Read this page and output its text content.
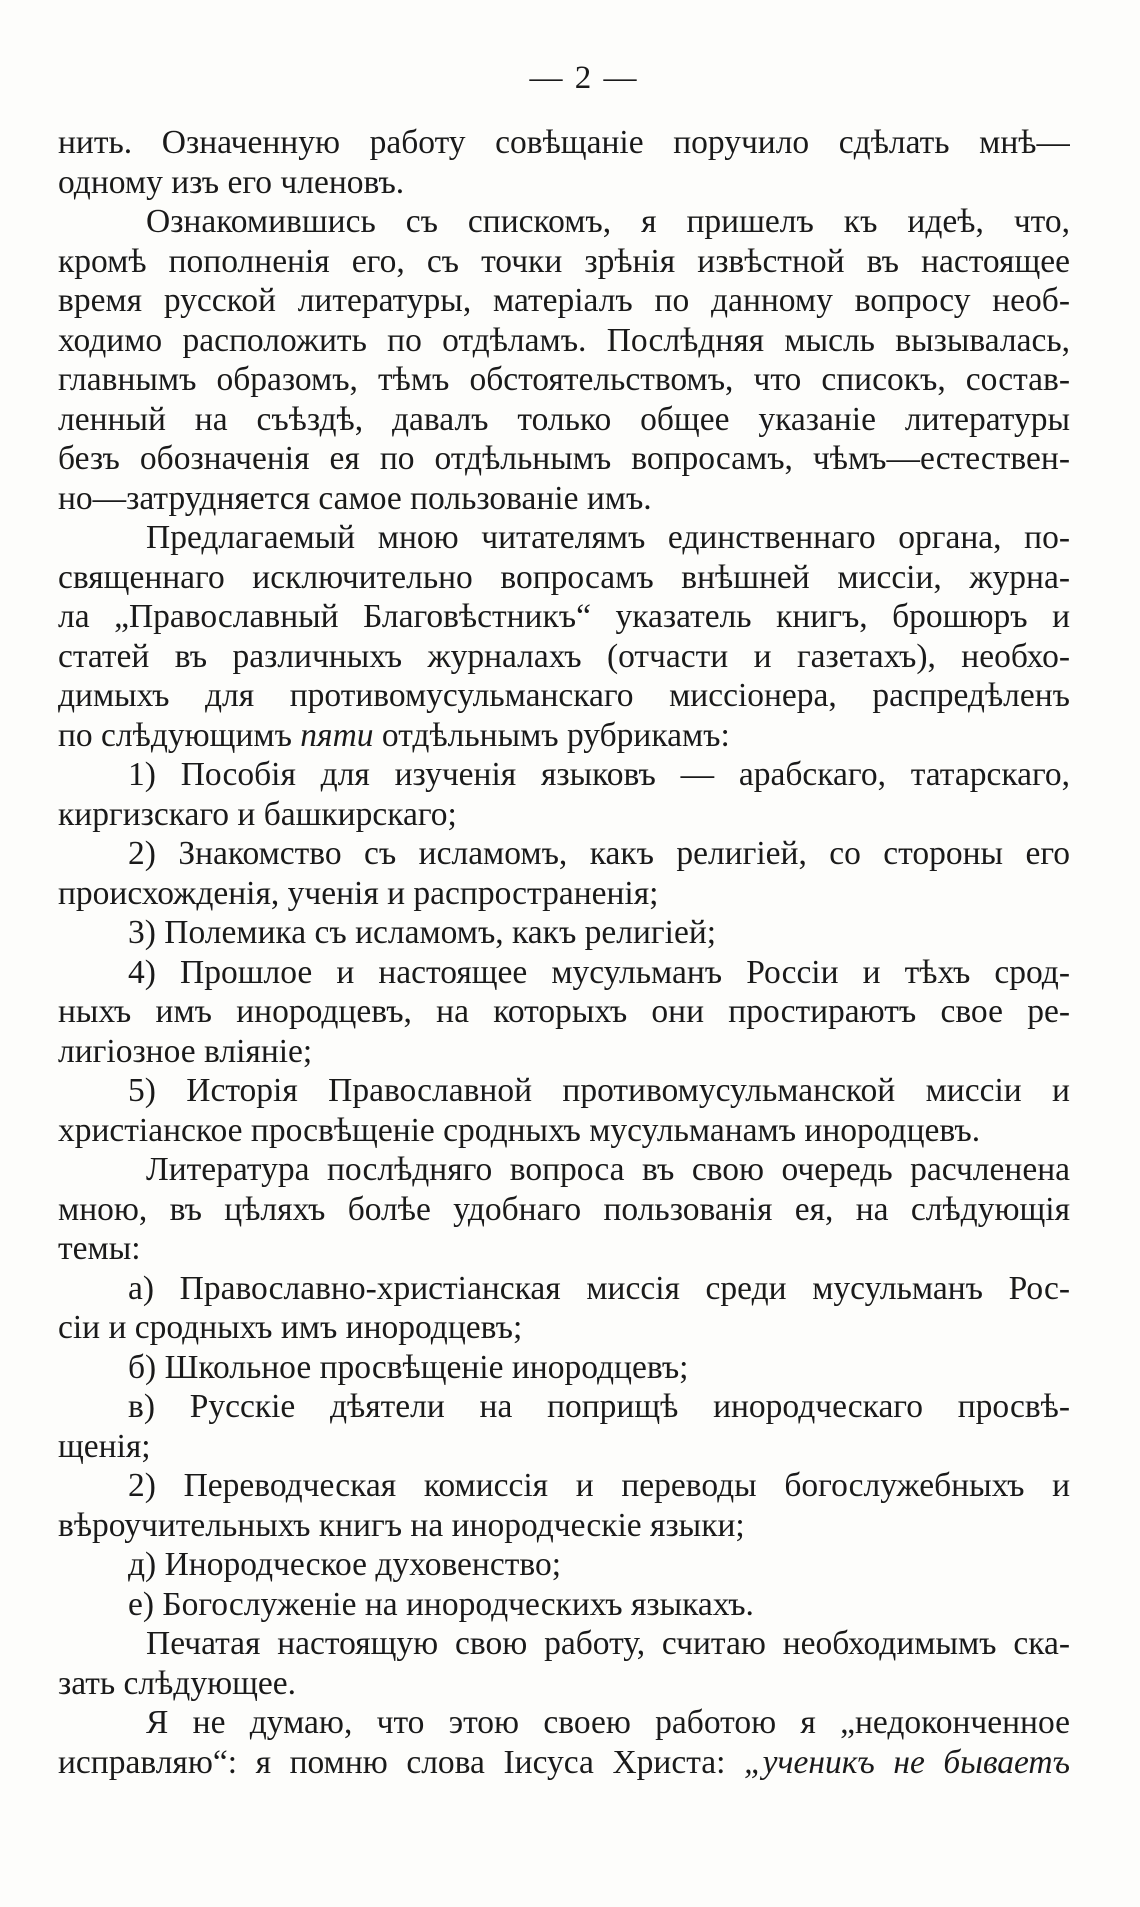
— 2 —
нить. Означенную работу совѣщаніе поручило сдѣлать мнѣ—
одному изъ его членовъ.
Ознакомившись съ спискомъ, я пришелъ къ идеѣ, что,
кромѣ пополненія его, съ точки зрѣнія извѣстной въ настоящее
время русской литературы, матеріалъ по данному вопросу необ-
ходимо расположить по отдѣламъ. Послѣдняя мысль вызывалась,
главнымъ образомъ, тѣмъ обстоятельствомъ, что списокъ, состав-
ленный на съѣздѣ, давалъ только общее указаніе литературы
безъ обозначенія ея по отдѣльнымъ вопросамъ, чѣмъ—естествен-
но—затрудняется самое пользованіе имъ.
Предлагаемый мною читателямъ единственнаго органа, по-
священнаго исключительно вопросамъ внѣшней миссіи, журна-
ла „Православный Благовѣстникъ“ указатель книгъ, брошюръ и
статей въ различныхъ журналахъ (отчасти и газетахъ), необхо-
димыхъ для противомусульманскаго миссіонера, распредѣленъ
по слѣдующимъ пяти отдѣльнымъ рубрикамъ:
1) Пособія для изученія языковъ — арабскаго, татарскаго,
киргизскаго и башкирскаго;
2) Знакомство съ исламомъ, какъ религіей, со стороны его
происхожденія, ученія и распространенія;
3) Полемика съ исламомъ, какъ религіей;
4) Прошлое и настоящее мусульманъ Россіи и тѣхъ срод-
ныхъ имъ инородцевъ, на которыхъ они простираютъ свое ре-
лигіозное вліяніе;
5) Исторія Православной противомусульманской миссіи и
христіанское просвѣщеніе сродныхъ мусульманамъ инородцевъ.
Литература послѣдняго вопроса въ свою очередь расчленена
мною, въ цѣляхъ болѣе удобнаго пользованія ея, на слѣдующія
темы:
а) Православно-христіанская миссія среди мусульманъ Рос-
сіи и сродныхъ имъ инородцевъ;
б) Школьное просвѣщеніе инородцевъ;
в) Русскіе дѣятели на поприщѣ инородческаго просвѣ-
щенія;
2) Переводческая комиссія и переводы богослужебныхъ и
вѣроучительныхъ книгъ на инородческіе языки;
д) Инородческое духовенство;
е) Богослуженіе на инородческихъ языкахъ.
Печатая настоящую свою работу, считаю необходимымъ ска-
зать слѣдующее.
Я не думаю, что этою своею работою я „недоконченное
исправляю“: я помню слова Іисуса Христа: „ученикъ не бываетъ
